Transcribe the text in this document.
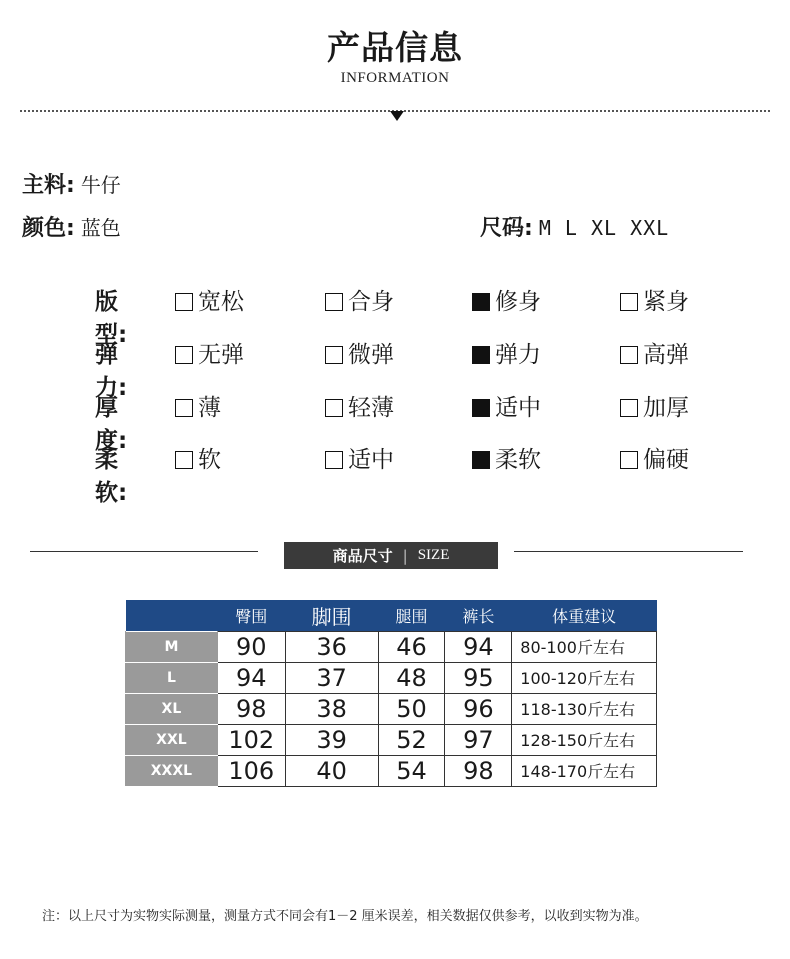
产品信息
INFORMATION
主料: 牛仔
颜色: 蓝色	尺码: M L XL XXL
版型:
宽松	合身	修身	紧身
弹力:
无弹	微弹	弹力	高弹
厚度:
薄	轻薄	适中	加厚
柔软:
软	适中	柔软	偏硬
商品尺寸 | SIZE
	臀围	脚围	腿围	裤长	体重建议
M	90	36	46	94	80-100斤左右
L	94	37	48	95	100-120斤左右
XL	98	38	50	96	118-130斤左右
XXL	102	39	52	97	128-150斤左右
XXXL	106	40	54	98	148-170斤左右
注：以上尺寸为实物实际测量，测量方式不同会有1－2 厘米误差，相关数据仅供参考，以收到实物为准。
